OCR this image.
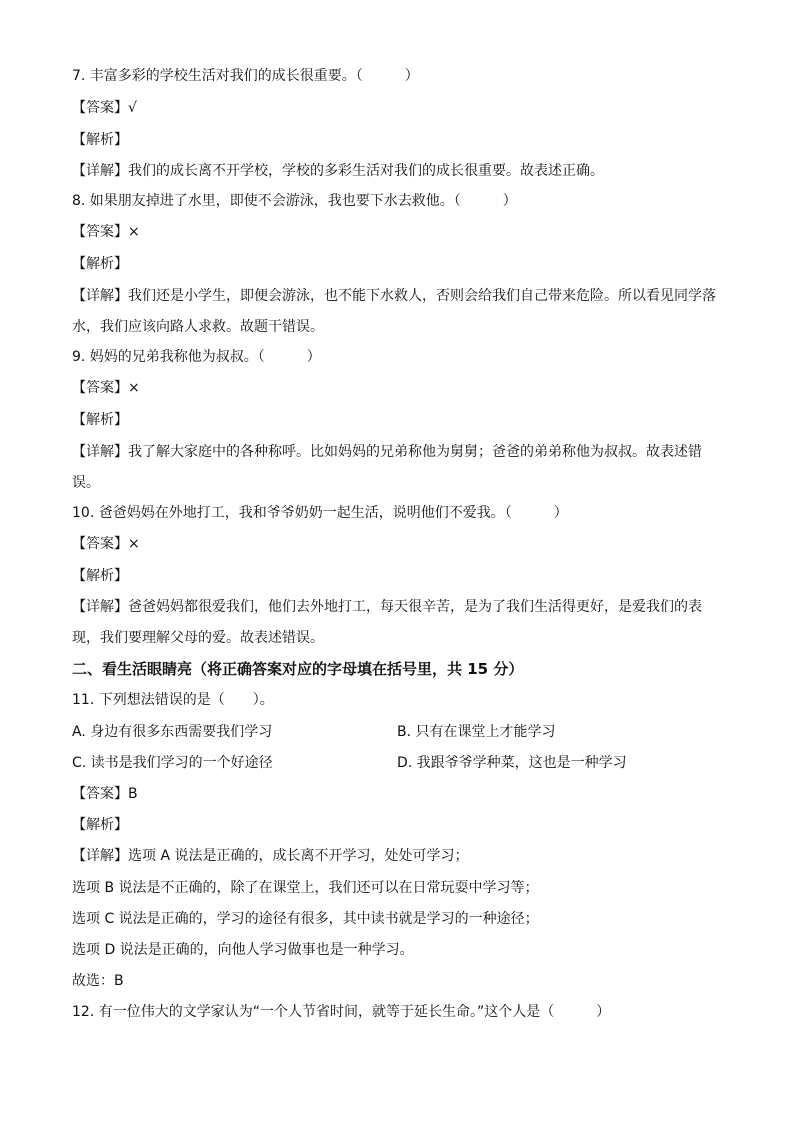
7. 丰富多彩的学校生活对我们的成长很重要。（　　　）
【答案】√
【解析】
【详解】我们的成长离不开学校，学校的多彩生活对我们的成长很重要。故表述正确。
8. 如果朋友掉进了水里，即使不会游泳，我也要下水去救他。（　　　）
【答案】×
【解析】
【详解】我们还是小学生，即便会游泳，也不能下水救人，否则会给我们自己带来危险。所以看见同学落
水，我们应该向路人求救。故题干错误。
9. 妈妈的兄弟我称他为叔叔。（　　　）
【答案】×
【解析】
【详解】我了解大家庭中的各种称呼。比如妈妈的兄弟称他为舅舅；爸爸的弟弟称他为叔叔。故表述错
误。
10. 爸爸妈妈在外地打工，我和爷爷奶奶一起生活，说明他们不爱我。（　　　）
【答案】×
【解析】
【详解】爸爸妈妈都很爱我们，他们去外地打工，每天很辛苦，是为了我们生活得更好，是爱我们的表
现，我们要理解父母的爱。故表述错误。
二、看生活眼睛亮（将正确答案对应的字母填在括号里，共 15 分）
11. 下列想法错误的是（　　）。
A. 身边有很多东西需要我们学习	B. 只有在课堂上才能学习
C. 读书是我们学习的一个好途径	D. 我跟爷爷学种菜，这也是一种学习
【答案】B
【解析】
【详解】选项 A 说法是正确的，成长离不开学习，处处可学习；
选项 B 说法是不正确的，除了在课堂上，我们还可以在日常玩耍中学习等；
选项 C 说法是正确的，学习的途径有很多，其中读书就是学习的一种途径；
选项 D 说法是正确的，向他人学习做事也是一种学习。
故选：B
12. 有一位伟大的文学家认为“一个人节省时间，就等于延长生命。”这个人是（　　　）
